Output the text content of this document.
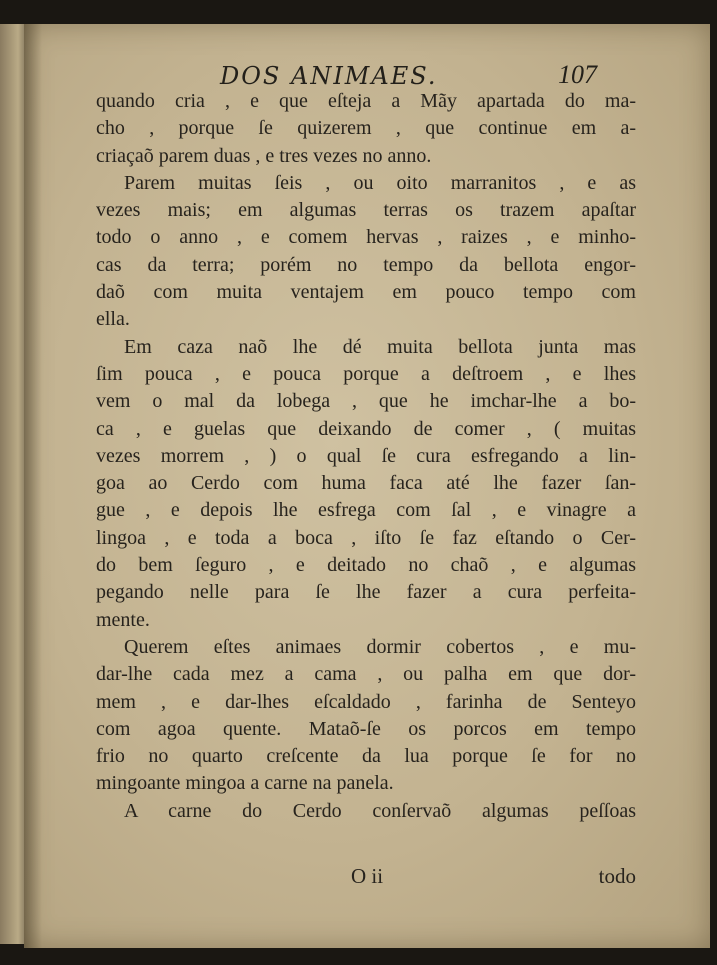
DOS ANIMAES.	107
quando cria , e que eſteja a Mãy apartada do ma-
cho , porque ſe quizerem , que continue em a-
criaçaõ parem duas , e tres vezes no anno.
Parem muitas ſeis , ou oito marranitos , e as
vezes mais; em algumas terras os trazem apaſtar
todo o anno , e comem hervas , raizes , e minho-
cas da terra; porém no tempo da bellota engor-
daõ com muita ventajem em pouco tempo com
ella.
Em caza naõ lhe dé muita bellota junta mas
ſim pouca , e pouca porque a deſtroem , e lhes
vem o mal da lobega , que he imchar-lhe a bo-
ca , e guelas que deixando de comer , ( muitas
vezes morrem , ) o qual ſe cura esfregando a lin-
goa ao Cerdo com huma faca até lhe fazer ſan-
gue , e depois lhe esfrega com ſal , e vinagre a
lingoa , e toda a boca , iſto ſe faz eſtando o Cer-
do bem ſeguro , e deitado no chaõ , e algumas
pegando nelle para ſe lhe fazer a cura perfeita-
mente.
Querem eſtes animaes dormir cobertos , e mu-
dar-lhe cada mez a cama , ou palha em que dor-
mem , e dar-lhes eſcaldado , farinha de Senteyo
com agoa quente. Mataõ-ſe os porcos em tempo
frio no quarto creſcente da lua porque ſe for no
mingoante mingoa a carne na panela.
A carne do Cerdo conſervaõ algumas peſſoas
O ii	todo
